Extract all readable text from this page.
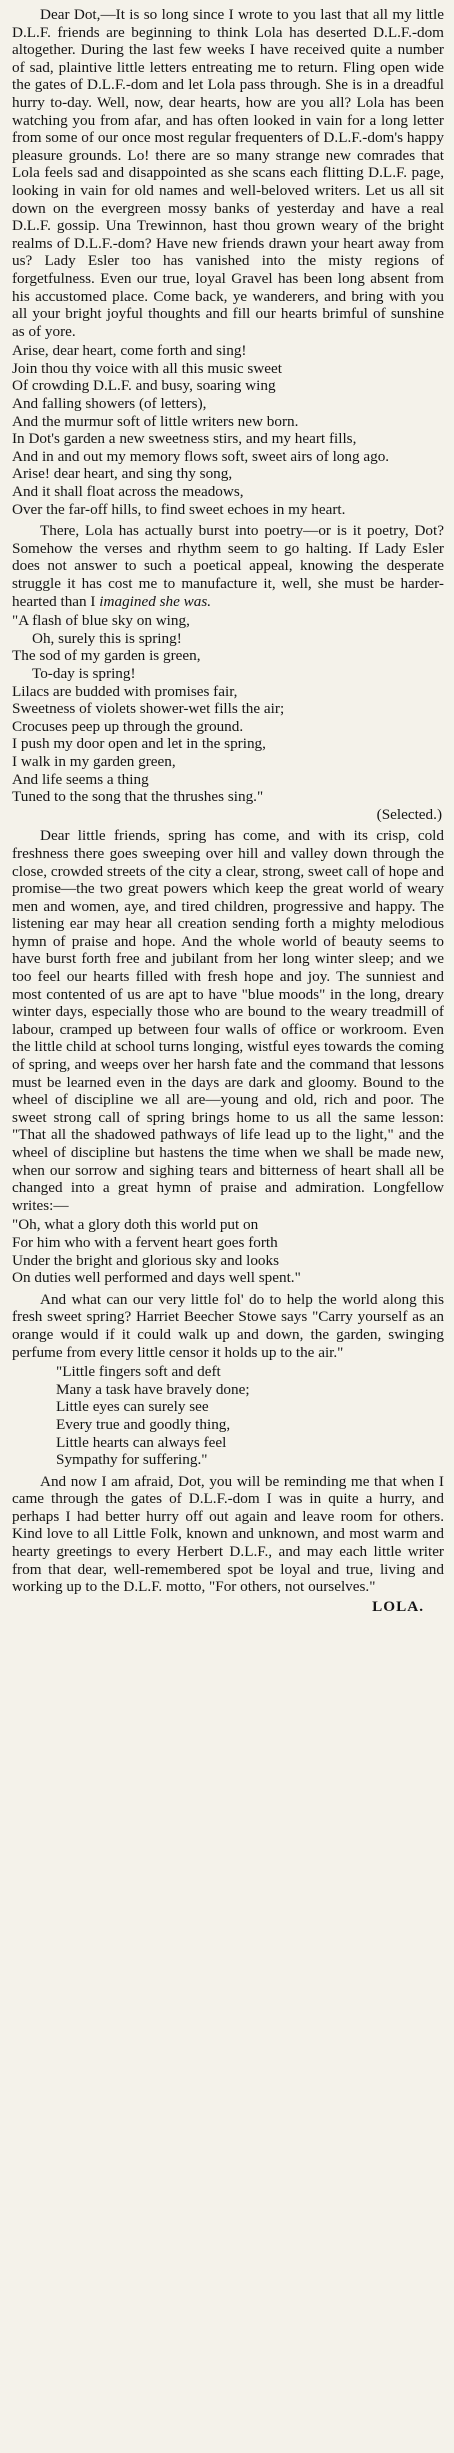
Dear Dot,—It is so long since I wrote to you last that all my little D.L.F. friends are beginning to think Lola has deserted D.L.F.-dom altogether. During the last few weeks I have received quite a number of sad, plaintive little letters entreating me to return. Fling open wide the gates of D.L.F.-dom and let Lola pass through. She is in a dreadful hurry to-day. Well, now, dear hearts, how are you all? Lola has been watching you from afar, and has often looked in vain for a long letter from some of our once most regular frequenters of D.L.F.-dom's happy pleasure grounds. Lo! there are so many strange new comrades that Lola feels sad and disappointed as she scans each flitting D.L.F. page, looking in vain for old names and well-beloved writers. Let us all sit down on the evergreen mossy banks of yesterday and have a real D.L.F. gossip. Una Trewinnon, hast thou grown weary of the bright realms of D.L.F.-dom? Have new friends drawn your heart away from us? Lady Esler too has vanished into the misty regions of forgetfulness. Even our true, loyal Gravel has been long absent from his accustomed place. Come back, ye wanderers, and bring with you all your bright joyful thoughts and fill our hearts brimful of sunshine as of yore.

Arise, dear heart, come forth and sing!

Join thou thy voice with all this music sweet

Of crowding D.L.F. and busy, soaring wing

And falling showers (of letters),

And the murmur soft of little writers new born.

In Dot's garden a new sweetness stirs, and my heart fills,

And in and out my memory flows soft, sweet airs of long ago.

Arise! dear heart, and sing thy song,

And it shall float across the meadows,

Over the far-off hills, to find sweet echoes in my heart.

There, Lola has actually burst into poetry—or is it poetry, Dot? Somehow the verses and rhythm seem to go halting. If Lady Esler does not answer to such a poetical appeal, knowing the desperate struggle it has cost me to manufacture it, well, she must be harder-hearted than I imagined she was.

"A flash of blue sky on wing,

Oh, surely this is spring!

The sod of my garden is green,

To-day is spring!

Lilacs are budded with promises fair,

Sweetness of violets shower-wet fills the air;

Crocuses peep up through the ground.

I push my door open and let in the spring,

I walk in my garden green,

And life seems a thing

Tuned to the song that the thrushes sing."

(Selected.)

Dear little friends, spring has come, and with its crisp, cold freshness there goes sweeping over hill and valley down through the close, crowded streets of the city a clear, strong, sweet call of hope and promise—the two great powers which keep the great world of weary men and women, aye, and tired children, progressive and happy. The listening ear may hear all creation sending forth a mighty melodious hymn of praise and hope. And the whole world of beauty seems to have burst forth free and jubilant from her long winter sleep; and we too feel our hearts filled with fresh hope and joy. The sunniest and most contented of us are apt to have "blue moods" in the long, dreary winter days, especially those who are bound to the weary treadmill of labour, cramped up between four walls of office or workroom. Even the little child at school turns longing, wistful eyes towards the coming of spring, and weeps over her harsh fate and the command that lessons must be learned even in the days are dark and gloomy. Bound to the wheel of discipline we all are—young and old, rich and poor. The sweet strong call of spring brings home to us all the same lesson: "That all the shadowed pathways of life lead up to the light," and the wheel of discipline but hastens the time when we shall be made new, when our sorrow and sighing tears and bitterness of heart shall all be changed into a great hymn of praise and admiration. Longfellow writes:—

"Oh, what a glory doth this world put on

For him who with a fervent heart goes forth

Under the bright and glorious sky and looks

On duties well performed and days well spent."

And what can our very little fol' do to help the world along this fresh sweet spring? Harriet Beecher Stowe says "Carry yourself as an orange would if it could walk up and down, the garden, swinging perfume from every little censor it holds up to the air."

"Little fingers soft and deft

Many a task have bravely done;

Little eyes can surely see

Every true and goodly thing,

Little hearts can always feel

Sympathy for suffering."

And now I am afraid, Dot, you will be reminding me that when I came through the gates of D.L.F.-dom I was in quite a hurry, and perhaps I had better hurry off out again and leave room for others. Kind love to all Little Folk, known and unknown, and most warm and hearty greetings to every Herbert D.L.F., and may each little writer from that dear, well-remembered spot be loyal and true, living and working up to the D.L.F. motto, "For others, not ourselves."

LOLA.
